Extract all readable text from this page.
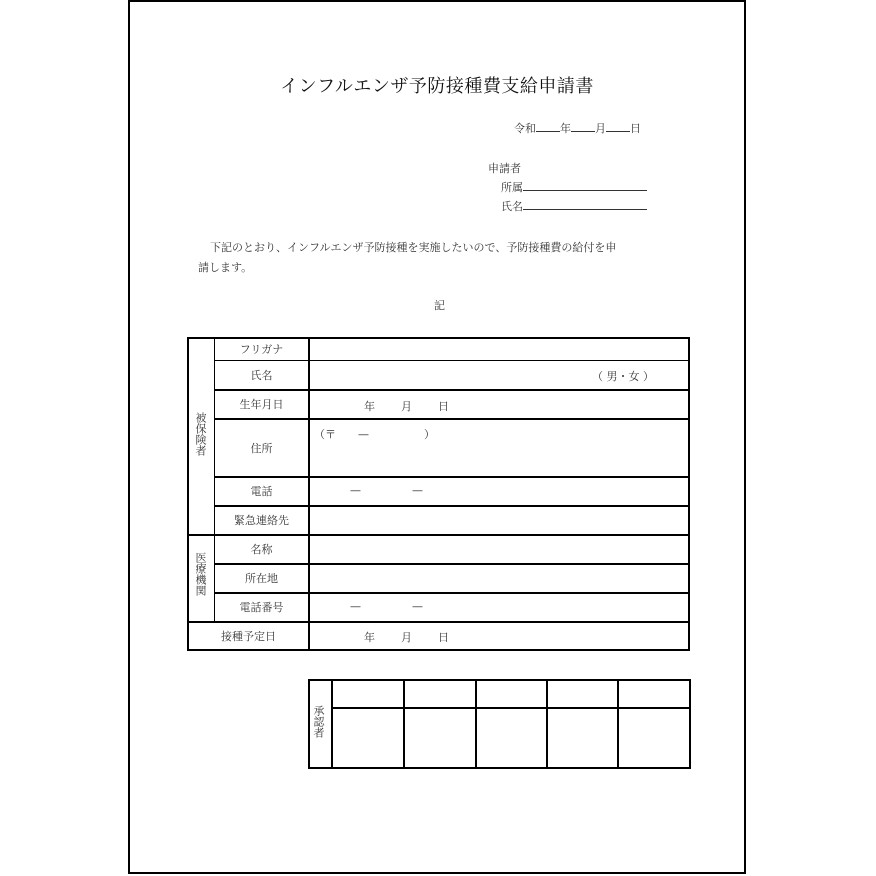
インフルエンザ予防接種費支給申請書
令和 年 月 日
申請者
所属
氏名
下記のとおり、インフルエンザ予防接種を実施したいので、予防接種費の給付を申
請します。
記
被保険者
医療機関
フリガナ
氏名
生年月日
住所
電話
緊急連絡先
名称
所在地
電話番号
接種予定日
（ 男・女 ）
年 月 日
（〒　　—　　　　　）
—	—
—	—
年 月 日
承認者
